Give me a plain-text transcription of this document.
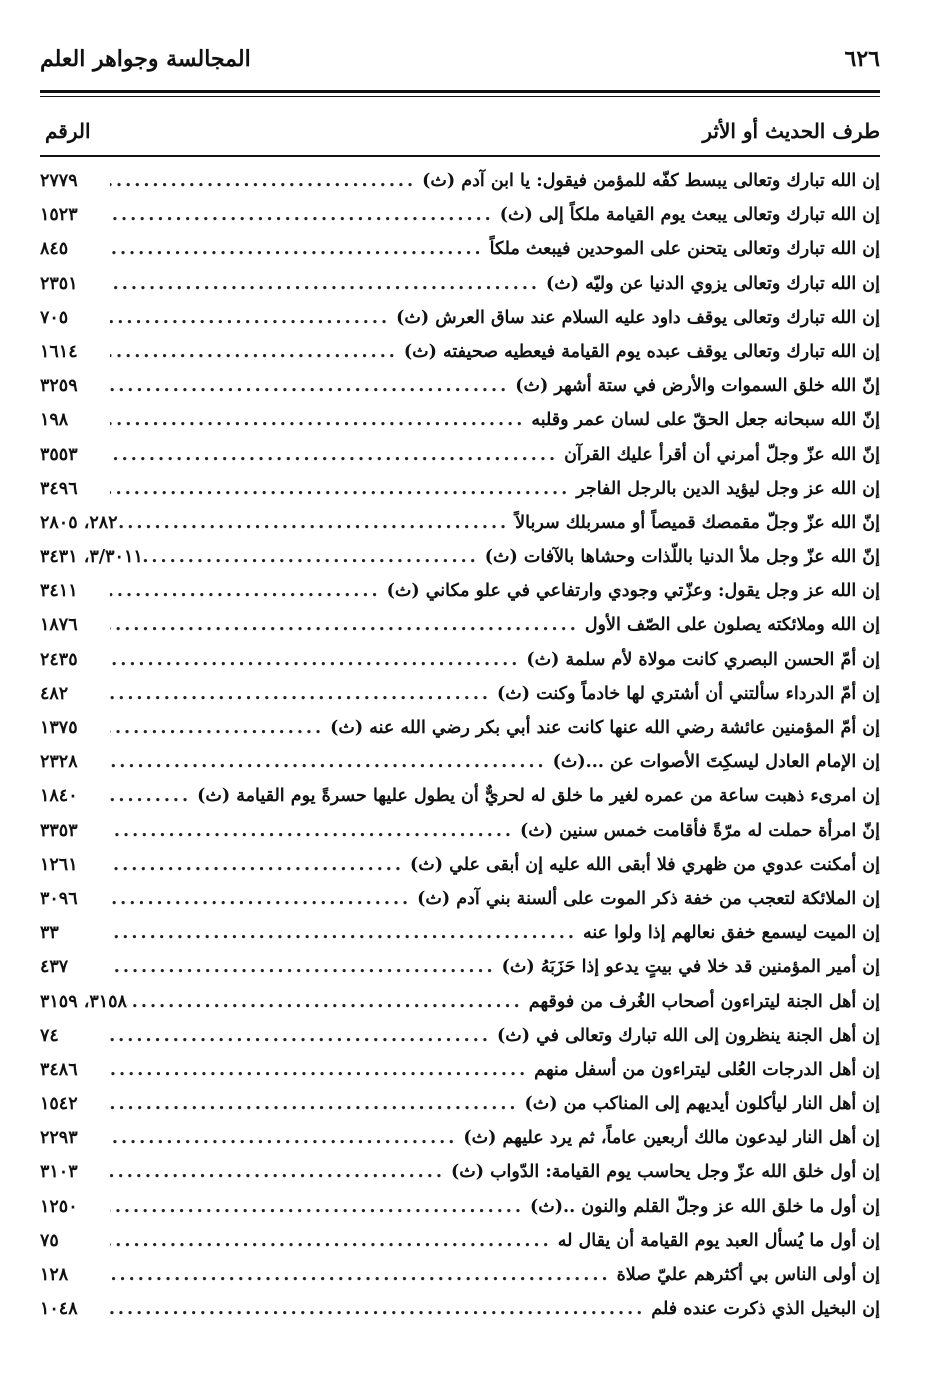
٦٢٦
المجالسة وجواهر العلم
طرف الحديث أو الأثر
الرقم
إن الله تبارك وتعالى يبسط كفّه للمؤمن فيقول: يا ابن آدم (ث)
.....
٢٧٧٩
إن الله تبارك وتعالى يبعث يوم القيامة ملكاً إلى (ث)
.....
١٥٢٣
إن الله تبارك وتعالى يتحنن على الموحدين فيبعث ملكاً
.....
٨٤٥
إن الله تبارك وتعالى يزوي الدنيا عن وليّه (ث)
.....
٢٣٥١
إن الله تبارك وتعالى يوقف داود عليه السلام عند ساق العرش (ث)
.....
٧٠٥
إن الله تبارك وتعالى يوقف عبده يوم القيامة فيعطيه صحيفته (ث)
.....
١٦١٤
إنّ الله خلق السموات والأرض في ستة أشهر (ث)
.....
٣٢٥٩
إنّ الله سبحانه جعل الحقّ على لسان عمر وقلبه
.....
١٩٨
إنّ الله عزّ وجلّ أمرني أن أقرأ عليك القرآن
.....
٣٥٥٣
إن الله عز وجل ليؤيد الدين بالرجل الفاجر
.....
٣٤٩٦
إنّ الله عزّ وجلّ مقمصك قميصاً أو مسربلك سربالاً
.....
٢٨٢، ٢٨٠٥
إنّ الله عزّ وجل ملأ الدنيا باللّذات وحشاها بالآفات (ث)
.....
٣/٣٠١١، ٣٤٣١
إن الله عز وجل يقول: وعزّتي وجودي وارتفاعي في علو مكاني (ث)
.....
٣٤١١
إن الله وملائكته يصلون على الصّف الأول
.....
١٨٧٦
إن أمّ الحسن البصري كانت مولاة لأم سلمة (ث)
.....
٢٤٣٥
إن أمّ الدرداء سألتني أن أشتري لها خادماً وكنت (ث)
.....
٤٨٢
إن أمّ المؤمنين عائشة رضي الله عنها كانت عند أبي بكر رضي الله عنه (ث)
.....
١٣٧٥
إن الإمام العادل ليسكِتَ الأصوات عن ...(ث)
.....
٢٣٢٨
إن امرىء ذهبت ساعة من عمره لغير ما خلق له لحريٌّ أن يطول عليها حسرةً يوم القيامة (ث)
.....
١٨٤٠
إنّ امرأة حملت له مرّةً فأقامت خمس سنين (ث)
.....
٣٣٥٣
إن أمكنت عدوي من ظهري فلا أبقى الله عليه إن أبقى علي (ث)
.....
١٢٦١
إن الملائكة لتعجب من خفة ذكر الموت على ألسنة بني آدم (ث)
.....
٣٠٩٦
إن الميت ليسمع خفق نعالهم إذا ولوا عنه
.....
٣٣
إن أمير المؤمنين قد خلا في بيتٍ يدعو إذا حَزَبَهُ (ث)
.....
٤٣٧
إن أهل الجنة ليتراءون أصحاب الغُرف من فوقهم
.....
٣١٥٨، ٣١٥٩
إن أهل الجنة ينظرون إلى الله تبارك وتعالى في (ث)
.....
٧٤
إن أهل الدرجات العُلى ليتراءون من أسفل منهم
.....
٣٤٨٦
إن أهل النار ليأكلون أيديهم إلى المناكب من (ث)
.....
١٥٤٢
إن أهل النار ليدعون مالك أربعين عاماً، ثم يرد عليهم (ث)
.....
٢٢٩٣
إن أول خلق الله عزّ وجل يحاسب يوم القيامة: الدّواب (ث)
.....
٣١٠٣
إن أول ما خلق الله عز وجلّ القلم والنون ..(ث)
.....
١٢٥٠
إن أول ما يُسأل العبد يوم القيامة أن يقال له
.....
٧٥
إن أولى الناس بي أكثرهم عليّ صلاة
.....
١٢٨
إن البخيل الذي ذكرت عنده فلم
.....
١٠٤٨
